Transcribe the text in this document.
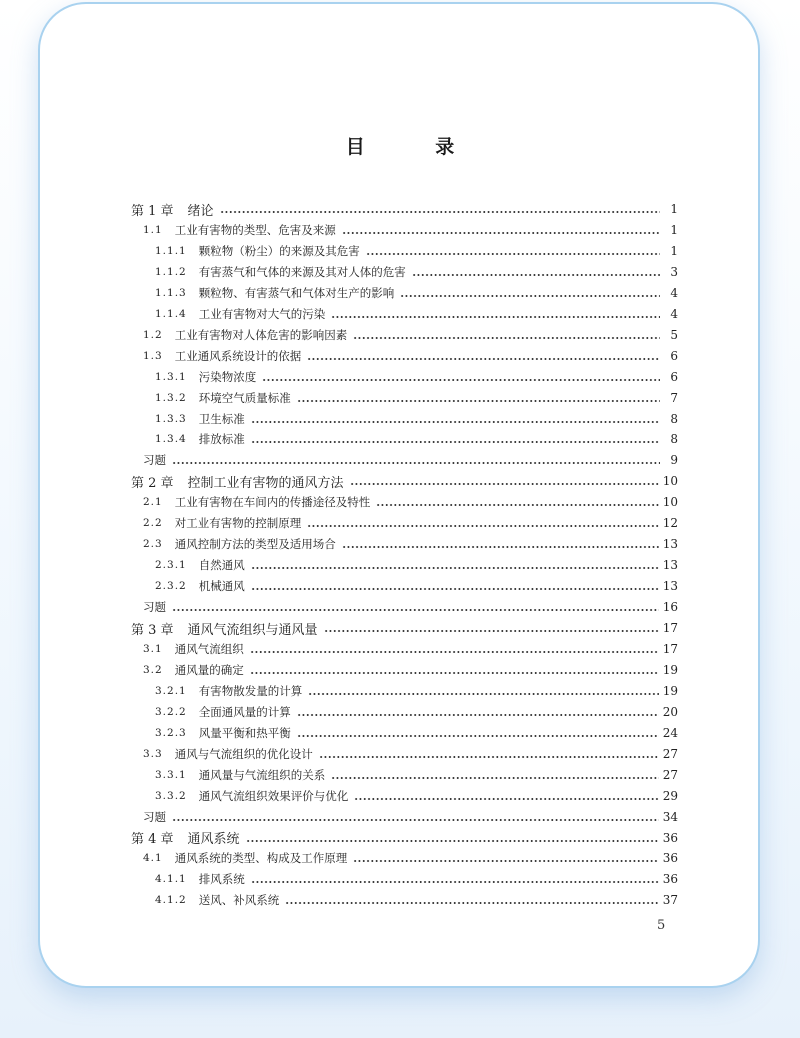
目 录
第 1 章 绪论	1
1.1 工业有害物的类型、危害及来源	1
1.1.1 颗粒物（粉尘）的来源及其危害	1
1.1.2 有害蒸气和气体的来源及其对人体的危害	3
1.1.3 颗粒物、有害蒸气和气体对生产的影响	4
1.1.4 工业有害物对大气的污染	4
1.2 工业有害物对人体危害的影响因素	5
1.3 工业通风系统设计的依据	6
1.3.1 污染物浓度	6
1.3.2 环境空气质量标准	7
1.3.3 卫生标准	8
1.3.4 排放标准	8
习题	9
第 2 章 控制工业有害物的通风方法	10
2.1 工业有害物在车间内的传播途径及特性	10
2.2 对工业有害物的控制原理	12
2.3 通风控制方法的类型及适用场合	13
2.3.1 自然通风	13
2.3.2 机械通风	13
习题	16
第 3 章 通风气流组织与通风量	17
3.1 通风气流组织	17
3.2 通风量的确定	19
3.2.1 有害物散发量的计算	19
3.2.2 全面通风量的计算	20
3.2.3 风量平衡和热平衡	24
3.3 通风与气流组织的优化设计	27
3.3.1 通风量与气流组织的关系	27
3.3.2 通风气流组织效果评价与优化	29
习题	34
第 4 章 通风系统	36
4.1 通风系统的类型、构成及工作原理	36
4.1.1 排风系统	36
4.1.2 送风、补风系统	37
5
